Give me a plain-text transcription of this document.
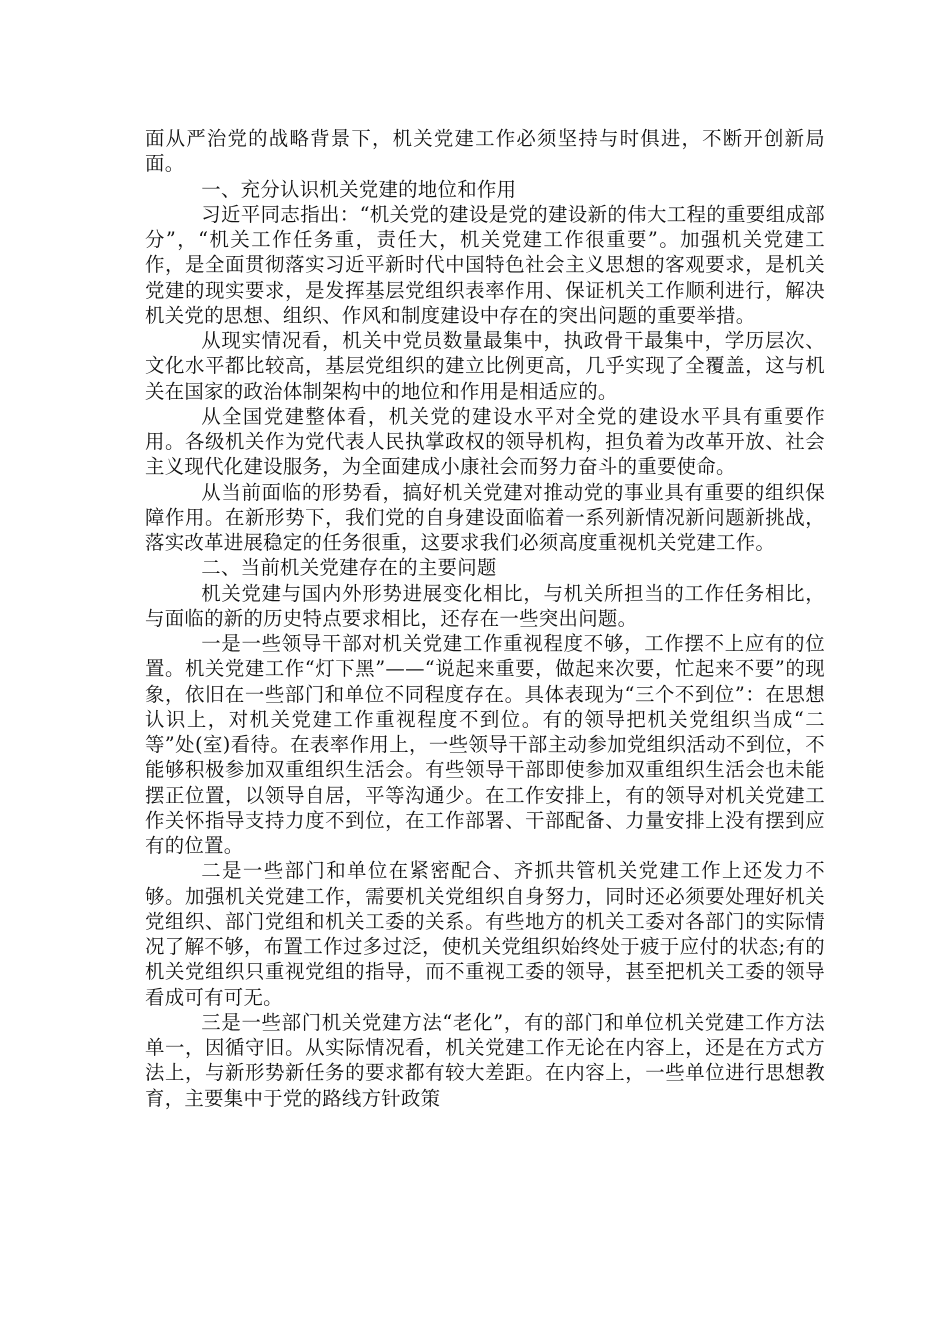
面从严治党的战略背景下，机关党建工作必须坚持与时俱进，不断开创新局面。

一、充分认识机关党建的地位和作用

习近平同志指出：“机关党的建设是党的建设新的伟大工程的重要组成部分”，“机关工作任务重，责任大，机关党建工作很重要”。加强机关党建工作，是全面贯彻落实习近平新时代中国特色社会主义思想的客观要求，是机关党建的现实要求，是发挥基层党组织表率作用、保证机关工作顺利进行，解决机关党的思想、组织、作风和制度建设中存在的突出问题的重要举措。

从现实情况看，机关中党员数量最集中，执政骨干最集中，学历层次、文化水平都比较高，基层党组织的建立比例更高，几乎实现了全覆盖，这与机关在国家的政治体制架构中的地位和作用是相适应的。

从全国党建整体看，机关党的建设水平对全党的建设水平具有重要作用。各级机关作为党代表人民执掌政权的领导机构，担负着为改革开放、社会主义现代化建设服务，为全面建成小康社会而努力奋斗的重要使命。

从当前面临的形势看，搞好机关党建对推动党的事业具有重要的组织保障作用。在新形势下，我们党的自身建设面临着一系列新情况新问题新挑战，落实改革进展稳定的任务很重，这要求我们必须高度重视机关党建工作。

二、当前机关党建存在的主要问题

机关党建与国内外形势进展变化相比，与机关所担当的工作任务相比，与面临的新的历史特点要求相比，还存在一些突出问题。

一是一些领导干部对机关党建工作重视程度不够，工作摆不上应有的位置。机关党建工作“灯下黑”——“说起来重要，做起来次要，忙起来不要”的现象，依旧在一些部门和单位不同程度存在。具体表现为“三个不到位”：在思想认识上，对机关党建工作重视程度不到位。有的领导把机关党组织当成“二等”处(室)看待。在表率作用上，一些领导干部主动参加党组织活动不到位，不能够积极参加双重组织生活会。有些领导干部即使参加双重组织生活会也未能摆正位置，以领导自居，平等沟通少。在工作安排上，有的领导对机关党建工作关怀指导支持力度不到位，在工作部署、干部配备、力量安排上没有摆到应有的位置。

二是一些部门和单位在紧密配合、齐抓共管机关党建工作上还发力不够。加强机关党建工作，需要机关党组织自身努力，同时还必须要处理好机关党组织、部门党组和机关工委的关系。有些地方的机关工委对各部门的实际情况了解不够，布置工作过多过泛，使机关党组织始终处于疲于应付的状态;有的机关党组织只重视党组的指导，而不重视工委的领导，甚至把机关工委的领导看成可有可无。

三是一些部门机关党建方法“老化”，有的部门和单位机关党建工作方法单一，因循守旧。从实际情况看，机关党建工作无论在内容上，还是在方式方法上，与新形势新任务的要求都有较大差距。在内容上，一些单位进行思想教育，主要集中于党的路线方针政策
